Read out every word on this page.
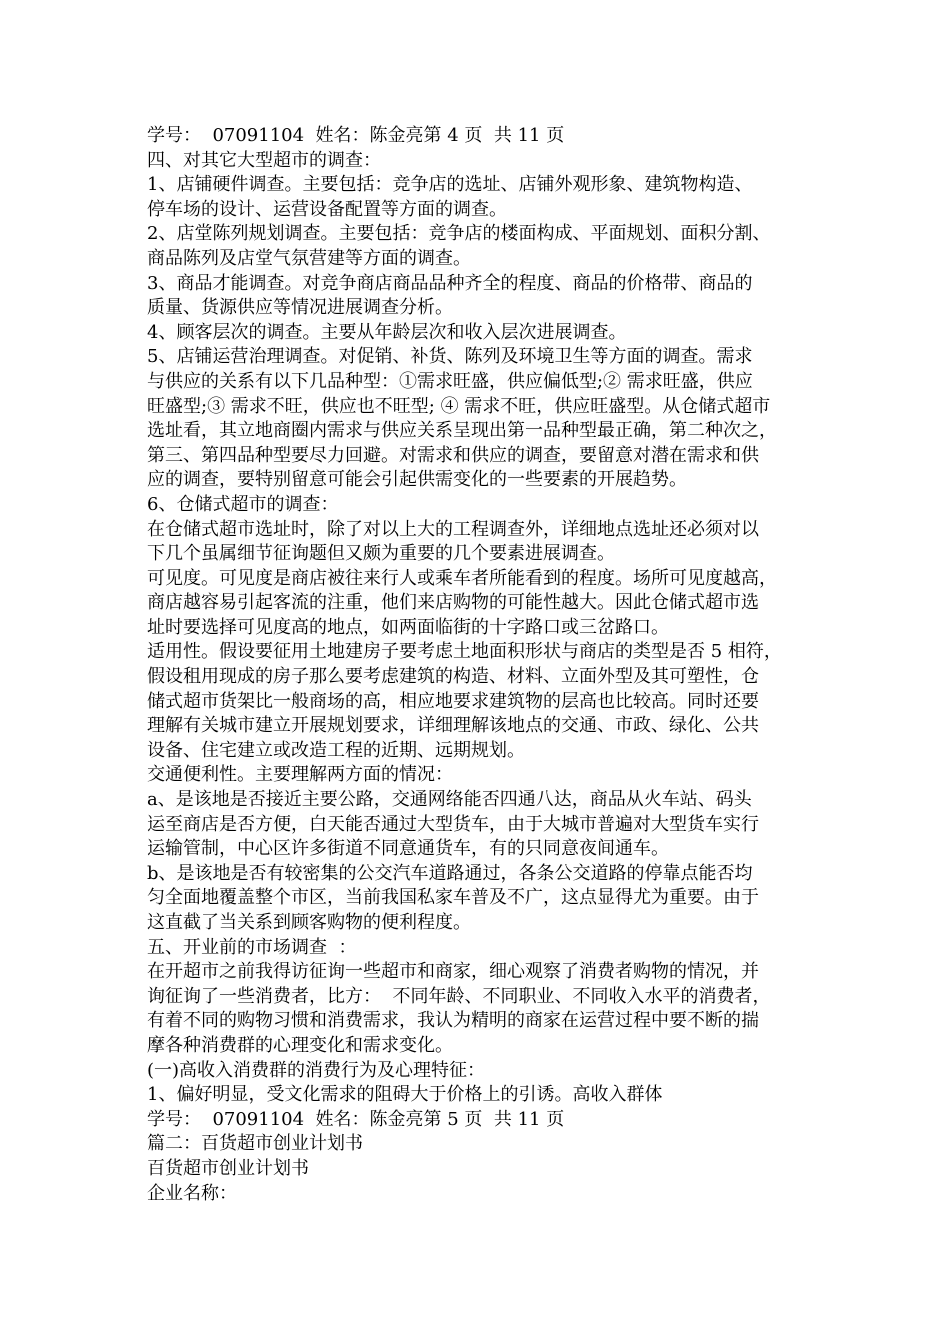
学号：  07091104  姓名：陈金亮第 4 页  共 11 页
四、对其它大型超市的调查：
1、店铺硬件调查。主要包括：竞争店的选址、店铺外观形象、建筑物构造、
停车场的设计、运营设备配置等方面的调查。
2、店堂陈列规划调查。主要包括：竞争店的楼面构成、平面规划、面积分割、
商品陈列及店堂气氛营建等方面的调查。
3、商品才能调查。对竞争商店商品品种齐全的程度、商品的价格带、商品的
质量、货源供应等情况进展调查分析。
4、顾客层次的调查。主要从年龄层次和收入层次进展调查。
5、店铺运营治理调查。对促销、补货、陈列及环境卫生等方面的调查。需求
与供应的关系有以下几品种型：①需求旺盛，供应偏低型;② 需求旺盛，供应
旺盛型;③ 需求不旺，供应也不旺型; ④ 需求不旺，供应旺盛型。从仓储式超市
选址看，其立地商圈内需求与供应关系呈现出第一品种型最正确，第二种次之，
第三、第四品种型要尽力回避。对需求和供应的调查，要留意对潜在需求和供
应的调查，要特别留意可能会引起供需变化的一些要素的开展趋势。
6、仓储式超市的调查：
在仓储式超市选址时，除了对以上大的工程调查外，详细地点选址还必须对以
下几个虽属细节征询题但又颇为重要的几个要素进展调查。
可见度。可见度是商店被往来行人或乘车者所能看到的程度。场所可见度越高，
商店越容易引起客流的注重，他们来店购物的可能性越大。因此仓储式超市选
址时要选择可见度高的地点，如两面临街的十字路口或三岔路口。
适用性。假设要征用土地建房子要考虑土地面积形状与商店的类型是否 5 相符，
假设租用现成的房子那么要考虑建筑的构造、材料、立面外型及其可塑性，仓
储式超市货架比一般商场的高，相应地要求建筑物的层高也比较高。同时还要
理解有关城市建立开展规划要求，详细理解该地点的交通、市政、绿化、公共
设备、住宅建立或改造工程的近期、远期规划。
交通便利性。主要理解两方面的情况：
a、是该地是否接近主要公路，交通网络能否四通八达，商品从火车站、码头
运至商店是否方便，白天能否通过大型货车，由于大城市普遍对大型货车实行
运输管制，中心区许多街道不同意通货车，有的只同意夜间通车。
b、是该地是否有较密集的公交汽车道路通过，各条公交道路的停靠点能否均
匀全面地覆盖整个市区，当前我国私家车普及不广，这点显得尤为重要。由于
这直截了当关系到顾客购物的便利程度。
五、开业前的市场调查  ：
在开超市之前我得访征询一些超市和商家，细心观察了消费者购物的情况，并
询征询了一些消费者，比方：  不同年龄、不同职业、不同收入水平的消费者，
有着不同的购物习惯和消费需求，我认为精明的商家在运营过程中要不断的揣
摩各种消费群的心理变化和需求变化。
(一)高收入消费群的消费行为及心理特征：
1、偏好明显，受文化需求的阻碍大于价格上的引诱。高收入群体
学号：  07091104  姓名：陈金亮第 5 页  共 11 页
篇二：百货超市创业计划书
百货超市创业计划书
企业名称：
